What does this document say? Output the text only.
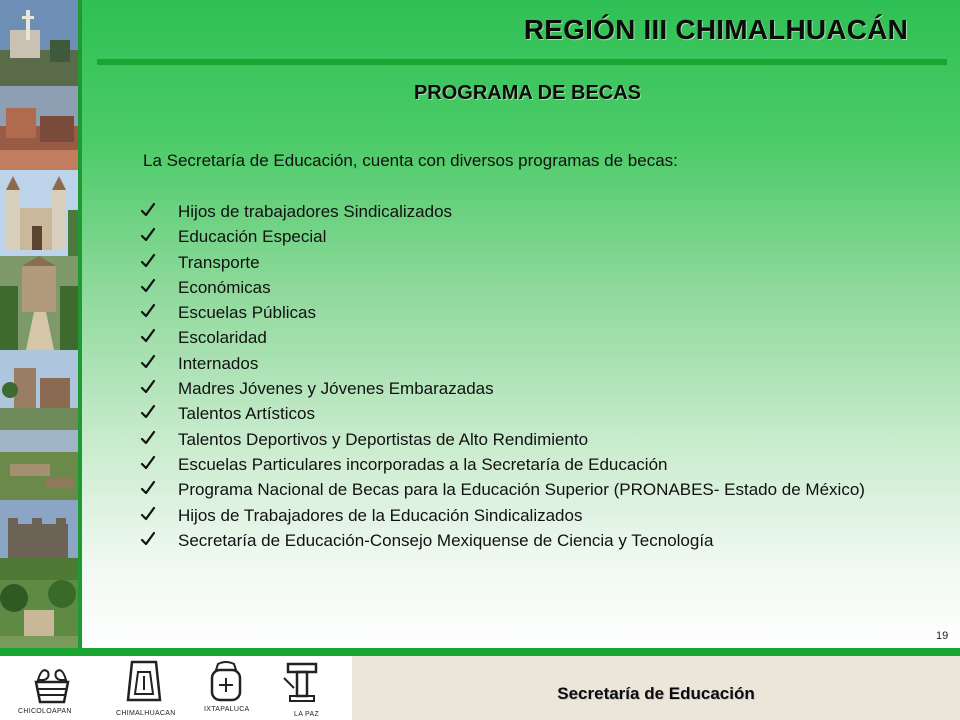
REGIÓN III CHIMALHUACÁN
PROGRAMA DE BECAS
La Secretaría de Educación, cuenta con diversos programas de becas:
Hijos de trabajadores Sindicalizados
Educación Especial
Transporte
Económicas
Escuelas Públicas
Escolaridad
Internados
Madres Jóvenes y Jóvenes Embarazadas
Talentos Artísticos
Talentos Deportivos y Deportistas de Alto Rendimiento
Escuelas Particulares incorporadas a la Secretaría de Educación
Programa Nacional de Becas para la Educación Superior (PRONABES- Estado de México)
Hijos de Trabajadores de la Educación Sindicalizados
Secretaría de Educación-Consejo Mexiquense de Ciencia y Tecnología
19
Secretaría de Educación
CHICOLOAPAN	CHIMALHUACAN
IXTAPALUCA
LA PAZ
